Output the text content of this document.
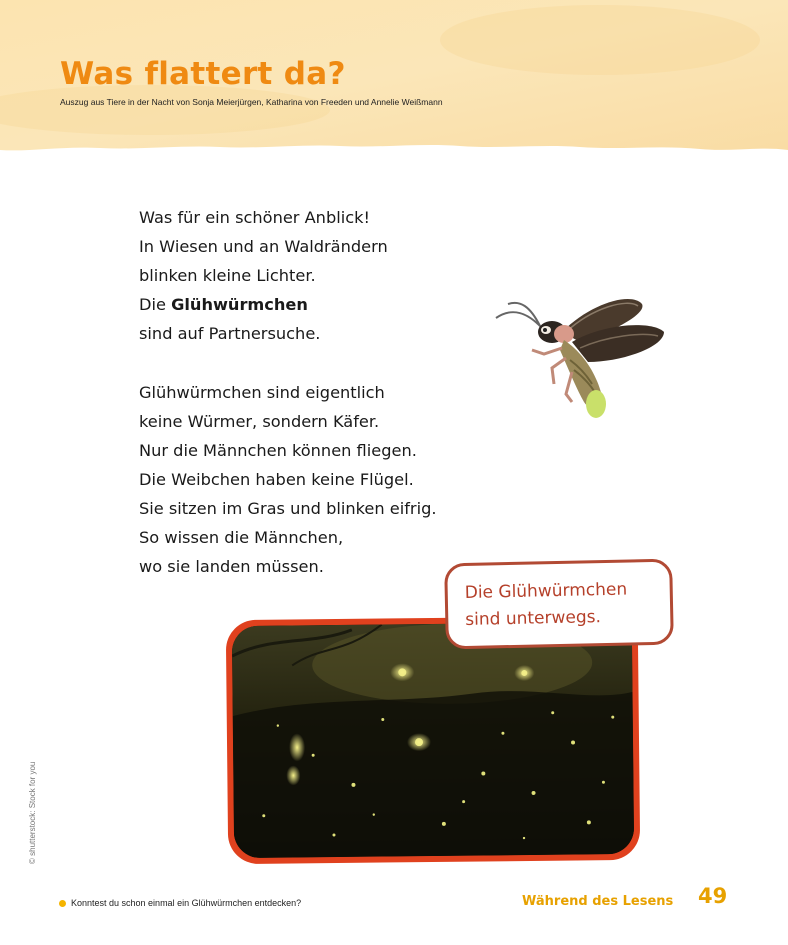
Was flattert da?
Auszug aus Tiere in der Nacht von Sonja Meierjürgen, Katharina von Freeden und Annelie Weißmann
Was für ein schöner Anblick!
In Wiesen und an Waldrändern
blinken kleine Lichter.
Die Glühwürmchen
sind auf Partnersuche.
Glühwürmchen sind eigentlich
keine Würmer, sondern Käfer.
Nur die Männchen können fliegen.
Die Weibchen haben keine Flügel.
Sie sitzen im Gras und blinken eifrig.
So wissen die Männchen,
wo sie landen müssen.
Die Glühwürmchen
sind unterwegs.
© shutterstock: Stock for you
Konntest du schon einmal ein Glühwürmchen entdecken?	Während des Lesens 49
